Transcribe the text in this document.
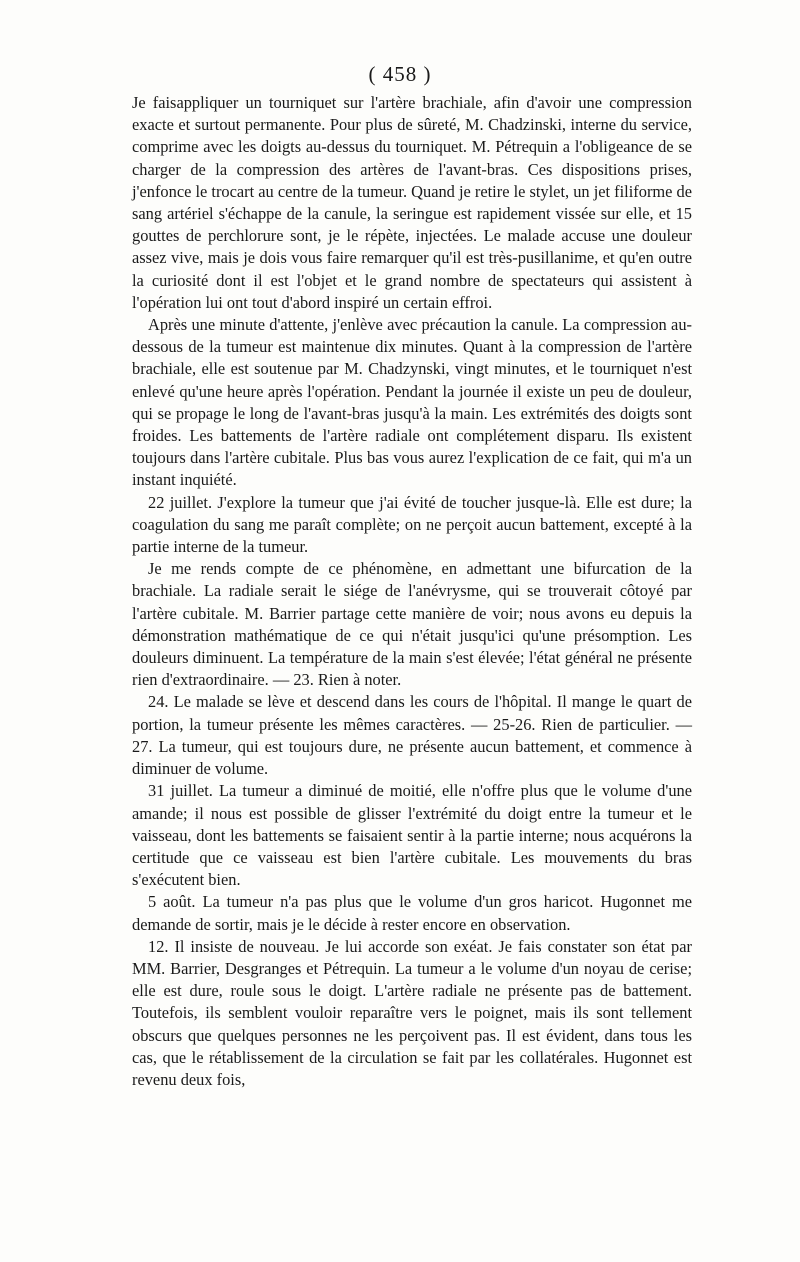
( 458 )

Je faisappliquer un tourniquet sur l'artère brachiale, afin d'avoir une compression exacte et surtout permanente. Pour plus de sûreté, M. Chadzinski, interne du service, comprime avec les doigts au-dessus du tourniquet. M. Pétrequin a l'obligeance de se charger de la compression des artères de l'avant-bras. Ces dispositions prises, j'enfonce le trocart au centre de la tumeur. Quand je retire le stylet, un jet filiforme de sang artériel s'échappe de la canule, la seringue est rapidement vissée sur elle, et 15 gouttes de perchlorure sont, je le répète, injectées. Le malade accuse une douleur assez vive, mais je dois vous faire remarquer qu'il est très-pusillanime, et qu'en outre la curiosité dont il est l'objet et le grand nombre de spectateurs qui assistent à l'opération lui ont tout d'abord inspiré un certain effroi.

Après une minute d'attente, j'enlève avec précaution la canule. La compression au-dessous de la tumeur est maintenue dix minutes. Quant à la compression de l'artère brachiale, elle est soutenue par M. Chadzynski, vingt minutes, et le tourniquet n'est enlevé qu'une heure après l'opération. Pendant la journée il existe un peu de douleur, qui se propage le long de l'avant-bras jusqu'à la main. Les extrémités des doigts sont froides. Les battements de l'artère radiale ont complétement disparu. Ils existent toujours dans l'artère cubitale. Plus bas vous aurez l'explication de ce fait, qui m'a un instant inquiété.

22 juillet. J'explore la tumeur que j'ai évité de toucher jusque-là. Elle est dure; la coagulation du sang me paraît complète; on ne perçoit aucun battement, excepté à la partie interne de la tumeur.

Je me rends compte de ce phénomène, en admettant une bifurcation de la brachiale. La radiale serait le siége de l'anévrysme, qui se trouverait côtoyé par l'artère cubitale. M. Barrier partage cette manière de voir; nous avons eu depuis la démonstration mathématique de ce qui n'était jusqu'ici qu'une présomption. Les douleurs diminuent. La température de la main s'est élevée; l'état général ne présente rien d'extraordinaire. — 23. Rien à noter.

24. Le malade se lève et descend dans les cours de l'hôpital. Il mange le quart de portion, la tumeur présente les mêmes caractères. — 25-26. Rien de particulier. — 27. La tumeur, qui est toujours dure, ne présente aucun battement, et commence à diminuer de volume.

31 juillet. La tumeur a diminué de moitié, elle n'offre plus que le volume d'une amande; il nous est possible de glisser l'extrémité du doigt entre la tumeur et le vaisseau, dont les battements se faisaient sentir à la partie interne; nous acquérons la certitude que ce vaisseau est bien l'artère cubitale. Les mouvements du bras s'exécutent bien.

5 août. La tumeur n'a pas plus que le volume d'un gros haricot. Hugonnet me demande de sortir, mais je le décide à rester encore en observation.

12. Il insiste de nouveau. Je lui accorde son exéat. Je fais constater son état par MM. Barrier, Desgranges et Pétrequin. La tumeur a le volume d'un noyau de cerise; elle est dure, roule sous le doigt. L'artère radiale ne présente pas de battement. Toutefois, ils semblent vouloir reparaître vers le poignet, mais ils sont tellement obscurs que quelques personnes ne les perçoivent pas. Il est évident, dans tous les cas, que le rétablissement de la circulation se fait par les collatérales. Hugonnet est revenu deux fois,
